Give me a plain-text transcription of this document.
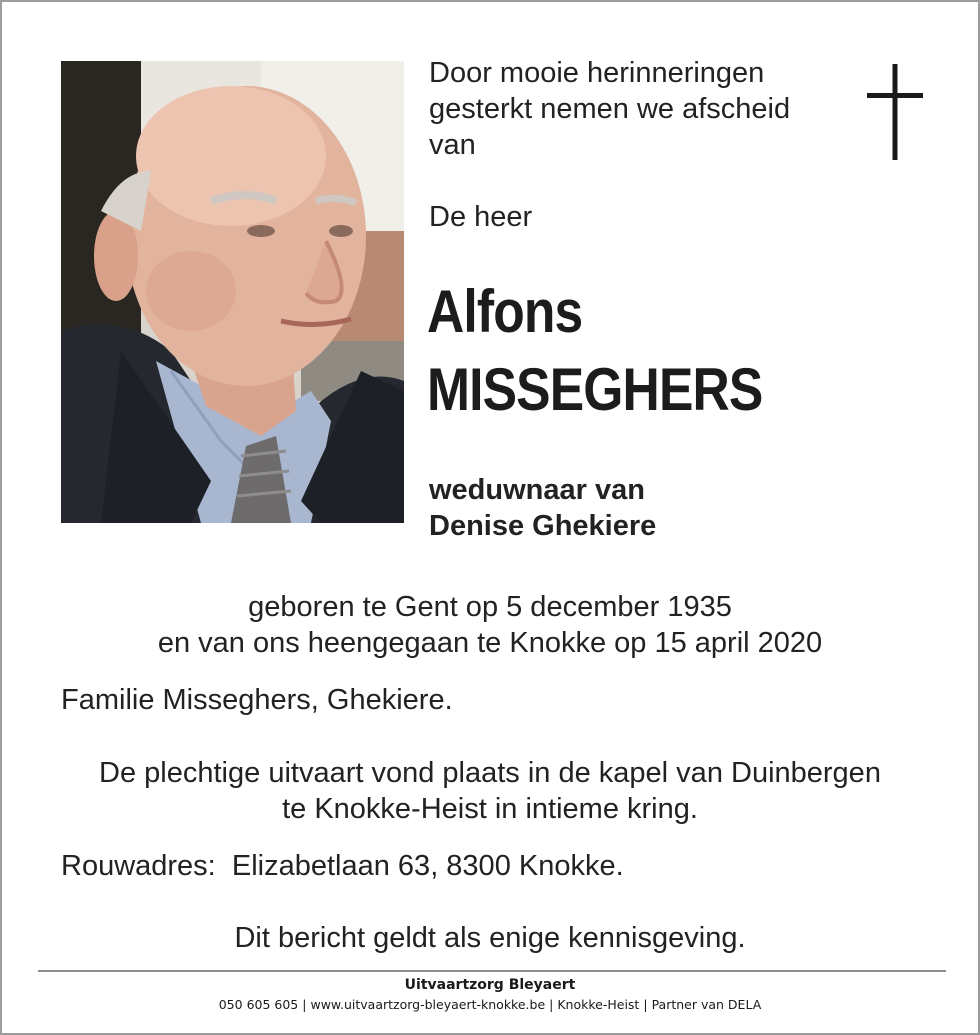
Door mooie herinneringen
gesterkt nemen we afscheid
van
De heer
Alfons
MISSEGHERS
weduwnaar van
Denise Ghekiere
geboren te Gent op 5 december 1935
en van ons heengegaan te Knokke op 15 april 2020
Familie Misseghers, Ghekiere.
De plechtige uitvaart vond plaats in de kapel van Duinbergen
te Knokke-Heist in intieme kring.
Rouwadres: Elizabetlaan 63, 8300 Knokke.
Dit bericht geldt als enige kennisgeving.
Uitvaartzorg Bleyaert
050 605 605 | www.uitvaartzorg-bleyaert-knokke.be | Knokke-Heist | Partner van DELA
